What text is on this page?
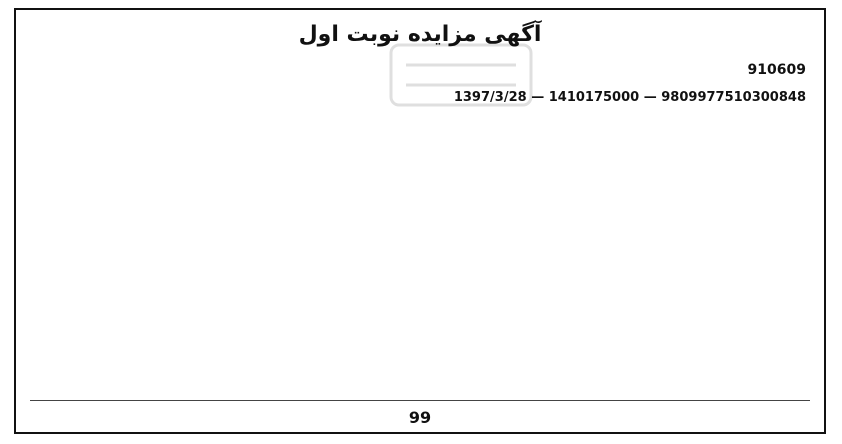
آگهی مزایده نوبت اول
910609
9809977510300848 — 1410175000 — 1397/3/28
99
